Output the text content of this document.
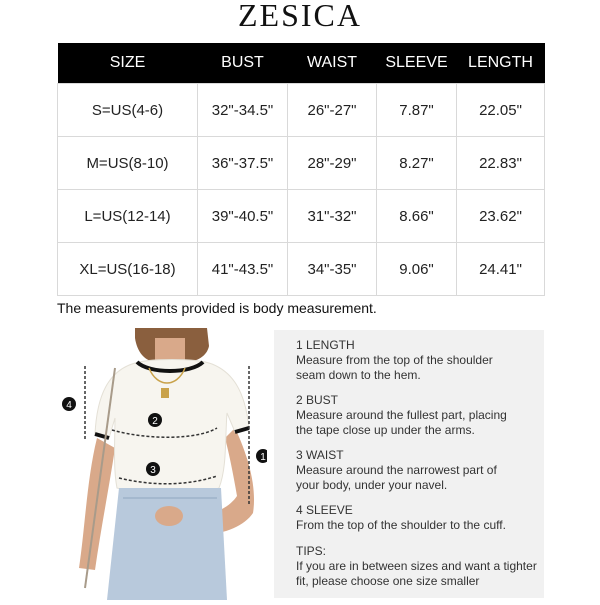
ZESICA
SIZE	BUST	WAIST	SLEEVE	LENGTH
S=US(4-6)	32"-34.5"	26"-27"	7.87"	22.05"
M=US(8-10)	36"-37.5"	28"-29"	8.27"	22.83"
L=US(12-14)	39"-40.5"	31"-32"	8.66"	23.62"
XL=US(16-18)	41"-43.5"	34"-35"	9.06"	24.41"
The measurements provided is body measurement.
1
2
3
4
1 LENGTH
Measure from the top of the shoulder
seam down to the hem.
2 BUST
Measure around the fullest part, placing
the tape close up under the arms.
3 WAIST
Measure around the narrowest part of
your body, under your navel.
4 SLEEVE
From the top of the shoulder to the cuff.
TIPS:
If you are in between sizes and want a tighter
fit, please choose one size smaller
